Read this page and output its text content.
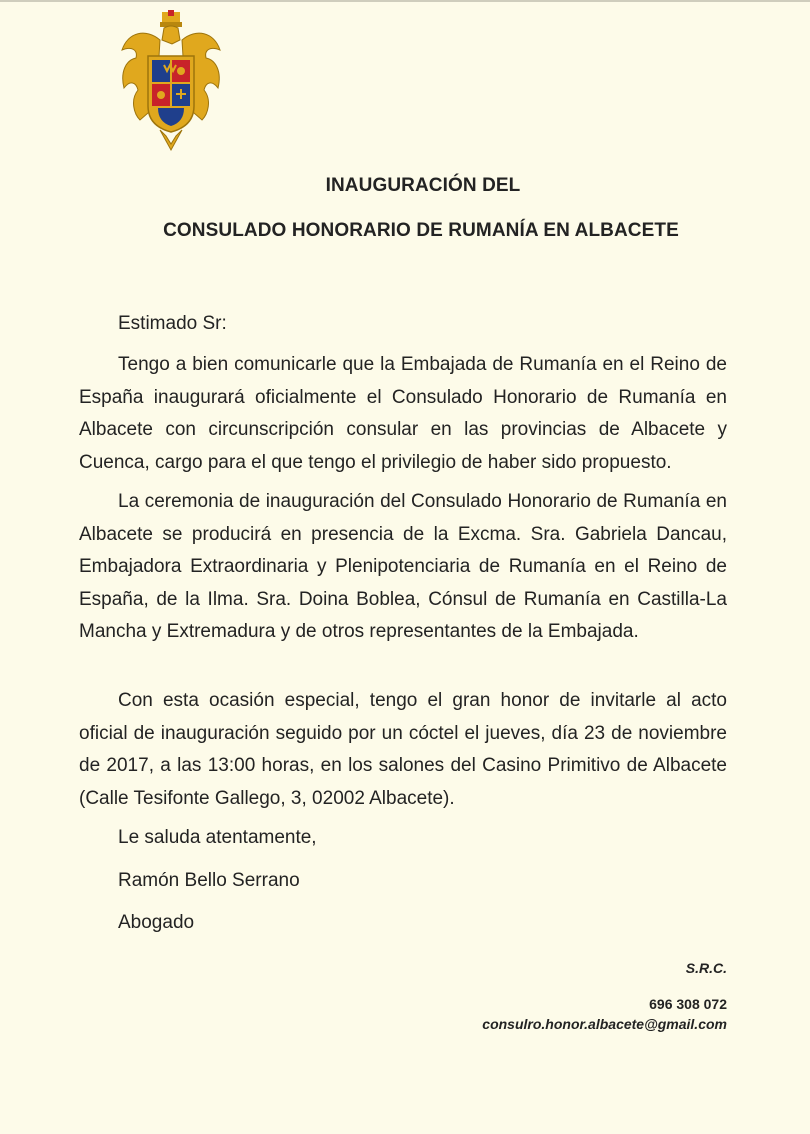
INAUGURACIÓN DEL
CONSULADO HONORARIO DE RUMANÍA EN ALBACETE
Estimado Sr:

Tengo a bien comunicarle que la Embajada de Rumanía en el Reino de España inaugurará oficialmente el Consulado Honorario de Rumanía en Albacete con circunscripción consular en las provincias de Albacete y Cuenca, cargo para el que tengo el privilegio de haber sido propuesto.

La ceremonia de inauguración del Consulado Honorario de Rumanía en Albacete se producirá en presencia de la Excma. Sra. Gabriela Dancau, Embajadora Extraordinaria y Plenipotenciaria de Rumanía en el Reino de España, de la Ilma. Sra. Doina Boblea, Cónsul de Rumanía en Castilla-La Mancha y Extremadura y de otros representantes de la Embajada.

Con esta ocasión especial, tengo el gran honor de invitarle al acto oficial de inauguración seguido por un cóctel el jueves, día 23 de noviembre de 2017, a las 13:00 horas, en los salones del Casino Primitivo de Albacete (Calle Tesifonte Gallego, 3, 02002 Albacete).

Le saluda atentamente,
Ramón Bello Serrano
Abogado
S.R.C.
696 308 072
consulro.honor.albacete@gmail.com
